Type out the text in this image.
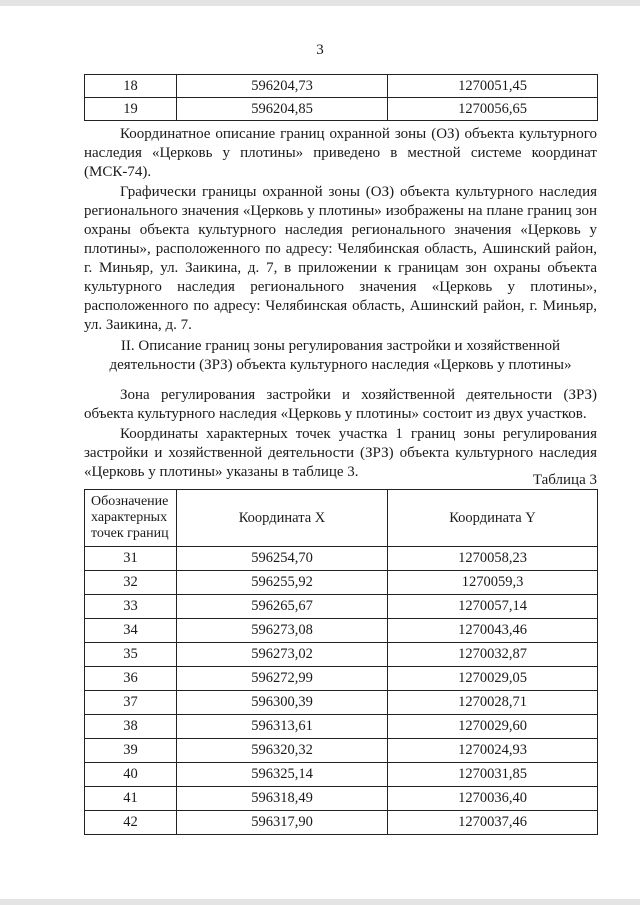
3
18	596204,73	1270051,45
19	596204,85	1270056,65
Координатное описание границ охранной зоны (ОЗ) объекта культурного
наследия «Церковь у плотины» приведено в местной системе координат
(МСК-74).
Графически границы охранной зоны (ОЗ) объекта культурного наследия
регионального значения «Церковь у плотины» изображены на плане границ зон
охраны объекта культурного наследия регионального значения «Церковь у
плотины», расположенного по адресу: Челябинская область, Ашинский район,
г. Миньяр, ул. Заикина, д. 7, в приложении к границам зон охраны объекта
культурного наследия регионального значения «Церковь у плотины»,
расположенного по адресу: Челябинская область, Ашинский район, г. Миньяр,
ул. Заикина, д. 7.
II. Описание границ зоны регулирования застройки и хозяйственной
деятельности (ЗРЗ) объекта культурного наследия «Церковь у плотины»
Зона регулирования застройки и хозяйственной деятельности (ЗРЗ)
объекта культурного наследия «Церковь у плотины» состоит из двух участков.
Координаты характерных точек участка 1 границ зоны регулирования
застройки и хозяйственной деятельности (ЗРЗ) объекта культурного наследия
«Церковь у плотины» указаны в таблице 3.	Таблица 3
Обозначение
характерных
точек границ	Координата X	Координата Y
31	596254,70	1270058,23
32	596255,92	1270059,3
33	596265,67	1270057,14
34	596273,08	1270043,46
35	596273,02	1270032,87
36	596272,99	1270029,05
37	596300,39	1270028,71
38	596313,61	1270029,60
39	596320,32	1270024,93
40	596325,14	1270031,85
41	596318,49	1270036,40
42	596317,90	1270037,46
